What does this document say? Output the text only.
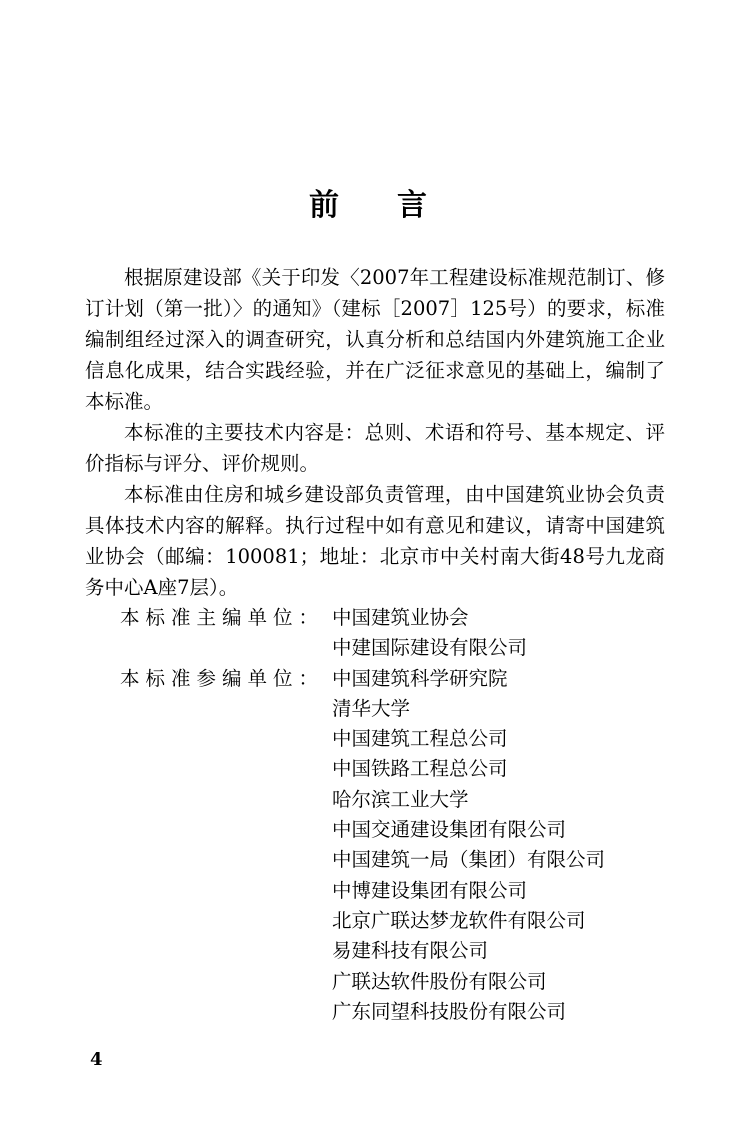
前 言

根据原建设部《关于印发〈2007年工程建设标准规范制订、修订计划（第一批）〉的通知》（建标［2007］125号）的要求，标准编制组经过深入的调查研究，认真分析和总结国内外建筑施工企业信息化成果，结合实践经验，并在广泛征求意见的基础上，编制了本标准。

本标准的主要技术内容是：总则、术语和符号、基本规定、评价指标与评分、评价规则。

本标准由住房和城乡建设部负责管理，由中国建筑业协会负责具体技术内容的解释。执行过程中如有意见和建议，请寄中国建筑业协会（邮编：100081；地址：北京市中关村南大街48号九龙商务中心A座7层）。

本标准主编单位： 中国建筑业协会
中建国际建设有限公司
本标准参编单位： 中国建筑科学研究院
清华大学
中国建筑工程总公司
中国铁路工程总公司
哈尔滨工业大学
中国交通建设集团有限公司
中国建筑一局（集团）有限公司
中博建设集团有限公司
北京广联达梦龙软件有限公司
易建科技有限公司
广联达软件股份有限公司
广东同望科技股份有限公司
4
